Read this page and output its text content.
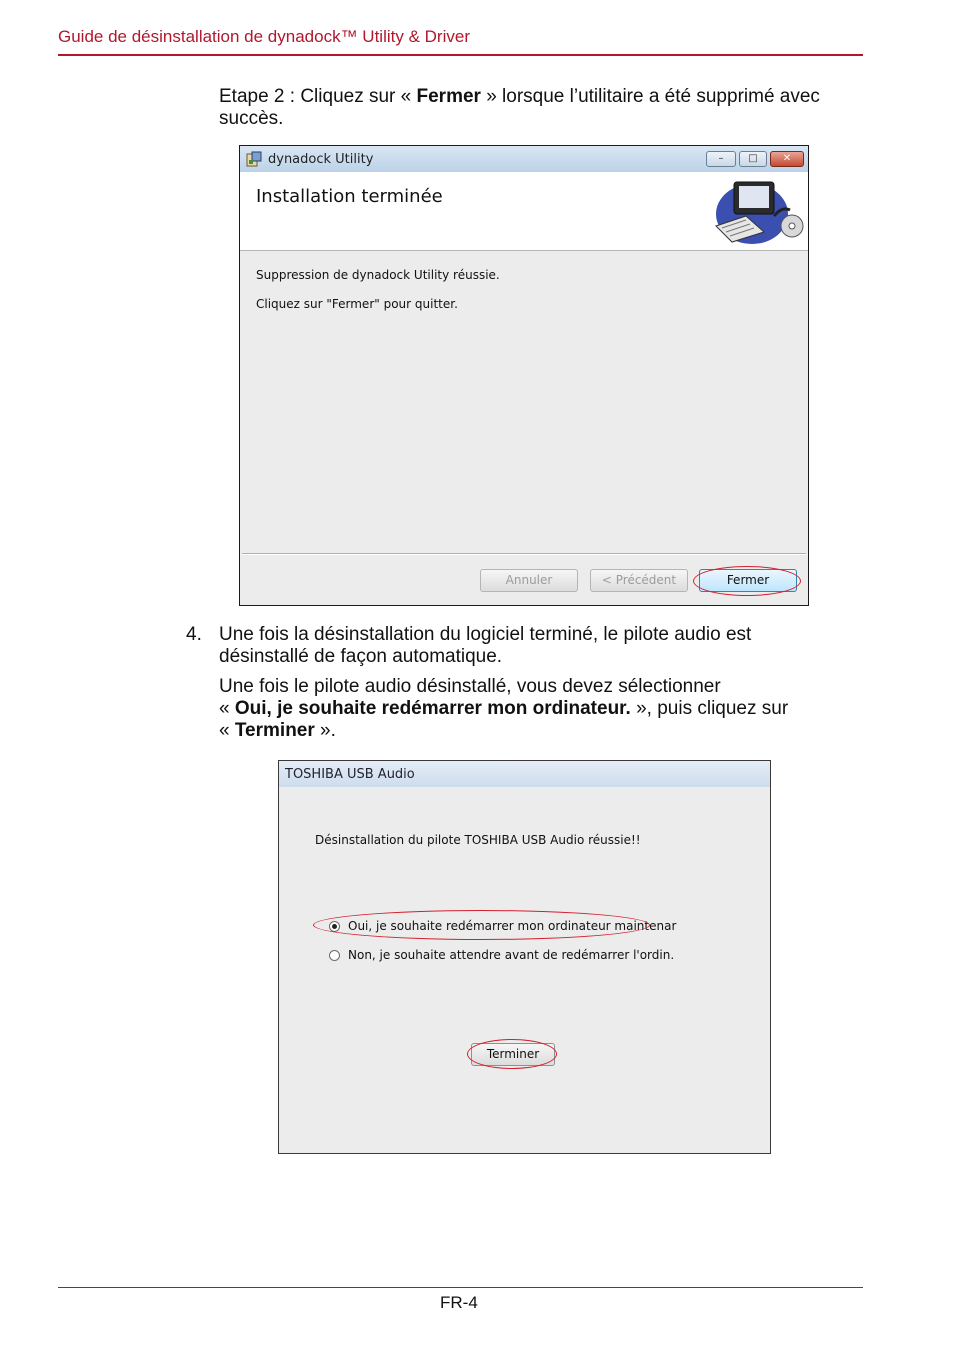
Guide de désinstallation de dynadock™ Utility & Driver
Etape 2 : Cliquez sur « Fermer » lorsque l’utilitaire a été supprimé avec
succès.
dynadock Utility	–	□	✕
Installation terminée
Suppression de dynadock Utility réussie.
Cliquez sur "Fermer" pour quitter.
Annuler	< Précédent	Fermer
4. Une fois la désinstallation du logiciel terminé, le pilote audio est
désinstallé de façon automatique.
Une fois le pilote audio désinstallé, vous devez sélectionner
« Oui, je souhaite redémarrer mon ordinateur. », puis cliquez sur
« Terminer ».
TOSHIBA USB Audio
Désinstallation du pilote TOSHIBA USB Audio réussie!!
Oui, je souhaite redémarrer mon ordinateur maintenar
Non, je souhaite attendre avant de redémarrer l'ordin.
Terminer
FR-4
